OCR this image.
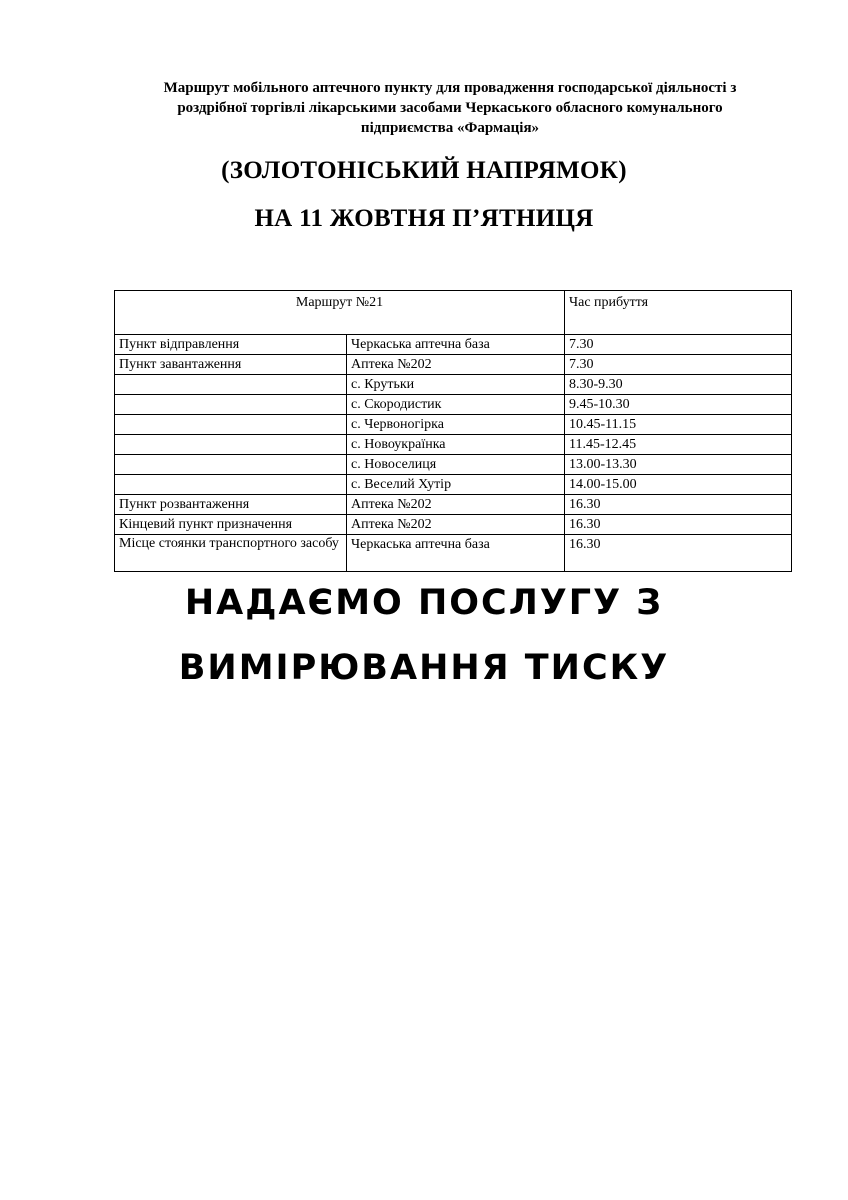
Маршрут мобільного аптечного пункту для провадження господарської діяльності з
роздрібної торгівлі лікарськими засобами Черкаського обласного комунального
підприємства «Фармація»
(ЗОЛОТОНІСЬКИЙ НАПРЯМОК)
НА 11 ЖОВТНЯ П’ЯТНИЦЯ
Маршрут №21		Час прибуття
Пункт відправлення	Черкаська аптечна база	7.30
Пункт завантаження	Аптека №202	7.30
	с. Крутьки	8.30-9.30
	с. Скородистик	9.45-10.30
	с. Червоногірка	10.45-11.15
	с. Новоукраїнка	11.45-12.45
	с. Новоселиця	13.00-13.30
	с. Веселий Хутір	14.00-15.00
Пункт розвантаження	Аптека №202	16.30
Кінцевий пункт призначення	Аптека №202	16.30
Місце стоянки транспортного засобу	Черкаська аптечна база	16.30
НАДАЄМО ПОСЛУГУ З
ВИМІРЮВАННЯ ТИСКУ
